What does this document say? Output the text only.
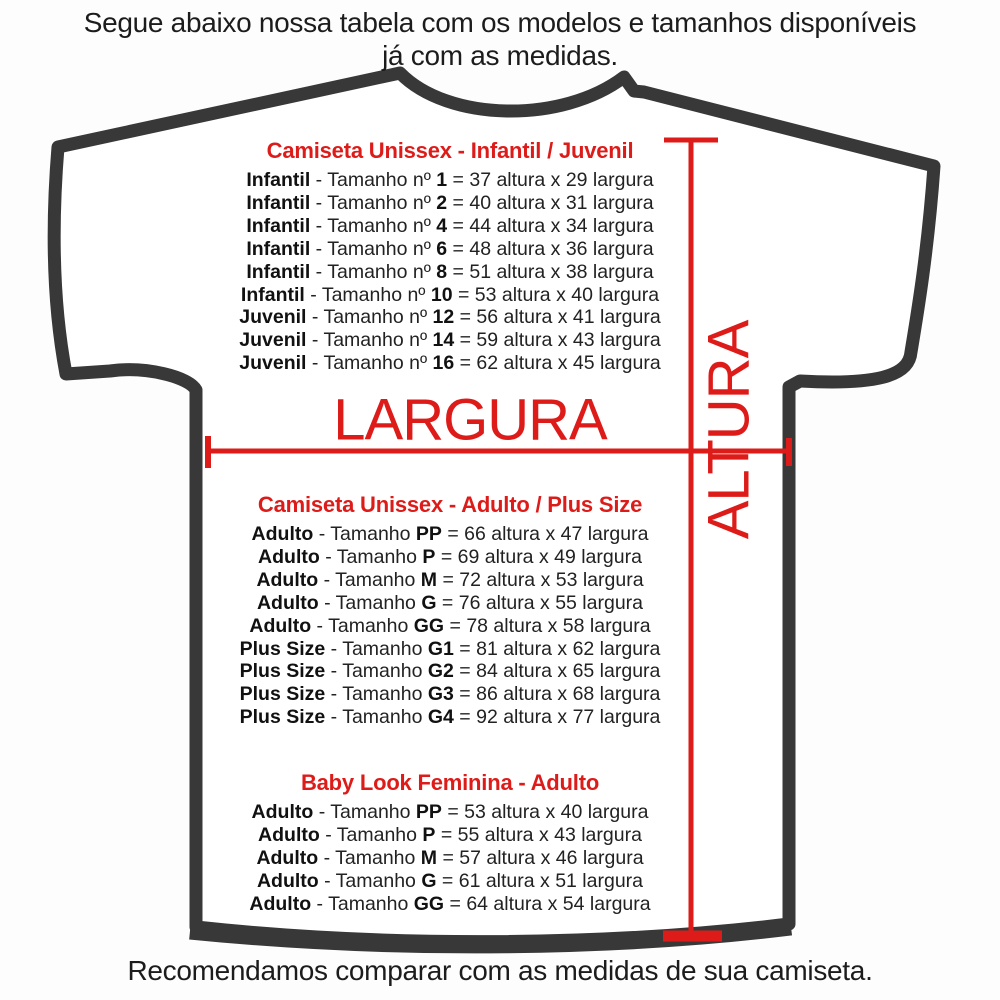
Segue abaixo nossa tabela com os modelos e tamanhos disponíveis
já com as medidas.
Camiseta Unissex - Infantil / Juvenil
Infantil - Tamanho nº 1 = 37 altura x 29 largura
Infantil - Tamanho nº 2 = 40 altura x 31 largura
Infantil - Tamanho nº 4 = 44 altura x 34 largura
Infantil - Tamanho nº 6 = 48 altura x 36 largura
Infantil - Tamanho nº 8 = 51 altura x 38 largura
Infantil - Tamanho nº 10 = 53 altura x 40 largura
Juvenil - Tamanho nº 12 = 56 altura x 41 largura
Juvenil - Tamanho nº 14 = 59 altura x 43 largura
Juvenil - Tamanho nº 16 = 62 altura x 45 largura
Camiseta Unissex - Adulto / Plus Size
Adulto - Tamanho PP = 66 altura x 47 largura
Adulto - Tamanho P = 69 altura x 49 largura
Adulto - Tamanho M = 72 altura x 53 largura
Adulto - Tamanho G = 76 altura x 55 largura
Adulto - Tamanho GG = 78 altura x 58 largura
Plus Size - Tamanho G1 = 81 altura x 62 largura
Plus Size - Tamanho G2 = 84 altura x 65 largura
Plus Size - Tamanho G3 = 86 altura x 68 largura
Plus Size - Tamanho G4 = 92 altura x 77 largura
Baby Look Feminina - Adulto
Adulto - Tamanho PP = 53 altura x 40 largura
Adulto - Tamanho P = 55 altura x 43 largura
Adulto - Tamanho M = 57 altura x 46 largura
Adulto - Tamanho G = 61 altura x 51 largura
Adulto - Tamanho GG = 64 altura x 54 largura
LARGURA ALTURA
Recomendamos comparar com as medidas de sua camiseta.
